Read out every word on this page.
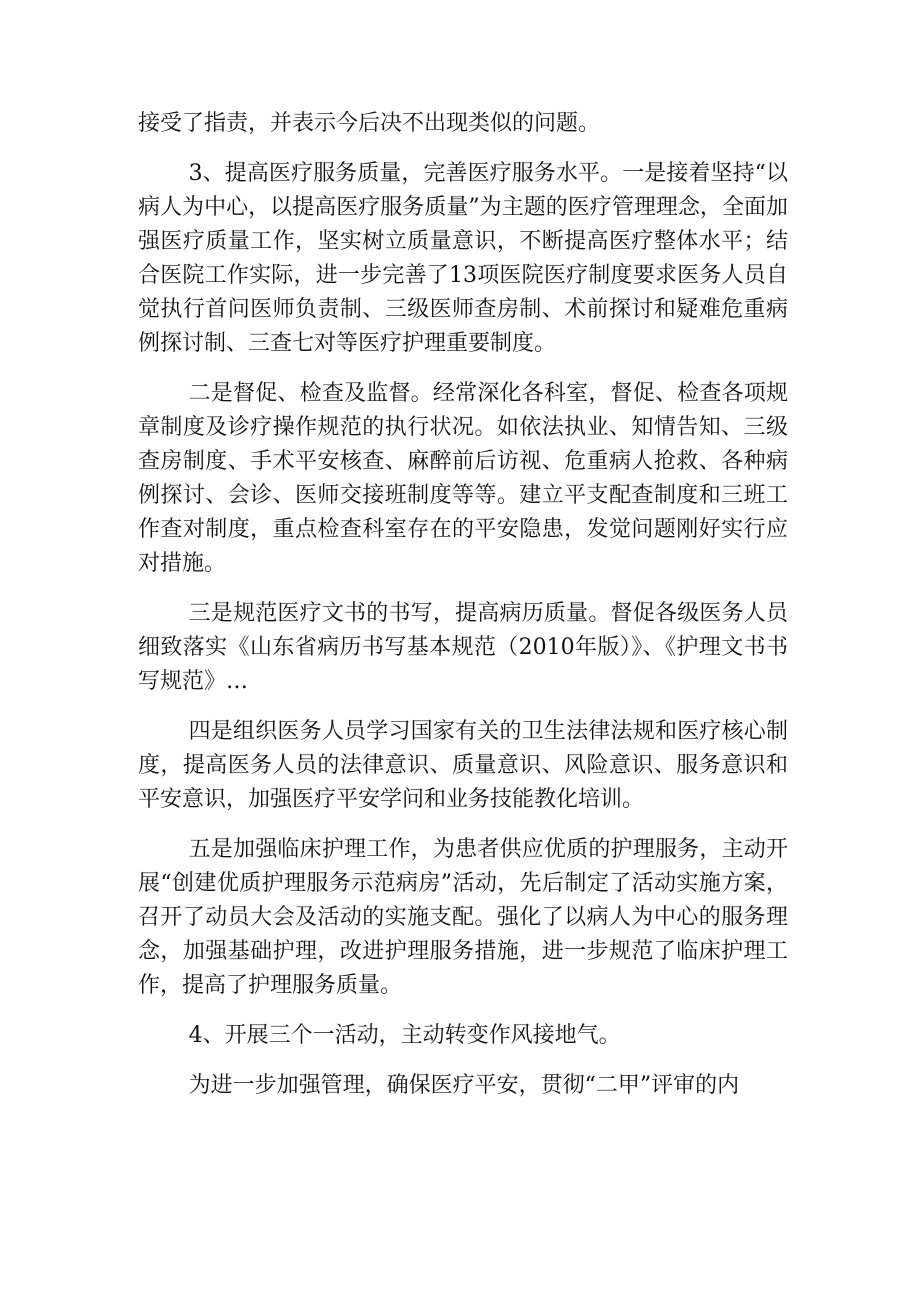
接受了指责，并表示今后决不出现类似的问题。

3、提高医疗服务质量，完善医疗服务水平。一是接着坚持“以病人为中心，以提高医疗服务质量”为主题的医疗管理理念，全面加强医疗质量工作，坚实树立质量意识，不断提高医疗整体水平；结合医院工作实际，进一步完善了13项医院医疗制度要求医务人员自觉执行首问医师负责制、三级医师查房制、术前探讨和疑难危重病例探讨制、三查七对等医疗护理重要制度。

二是督促、检查及监督。经常深化各科室，督促、检查各项规章制度及诊疗操作规范的执行状况。如依法执业、知情告知、三级查房制度、手术平安核查、麻醉前后访视、危重病人抢救、各种病例探讨、会诊、医师交接班制度等等。建立平支配查制度和三班工作查对制度，重点检查科室存在的平安隐患，发觉问题刚好实行应对措施。

三是规范医疗文书的书写，提高病历质量。督促各级医务人员细致落实《山东省病历书写基本规范（2010年版）》、《护理文书书写规范》…

四是组织医务人员学习国家有关的卫生法律法规和医疗核心制度，提高医务人员的法律意识、质量意识、风险意识、服务意识和平安意识，加强医疗平安学问和业务技能教化培训。

五是加强临床护理工作，为患者供应优质的护理服务，主动开展“创建优质护理服务示范病房”活动，先后制定了活动实施方案，召开了动员大会及活动的实施支配。强化了以病人为中心的服务理念，加强基础护理，改进护理服务措施，进一步规范了临床护理工作，提高了护理服务质量。

4、开展三个一活动，主动转变作风接地气。

为进一步加强管理，确保医疗平安，贯彻“二甲”评审的内
